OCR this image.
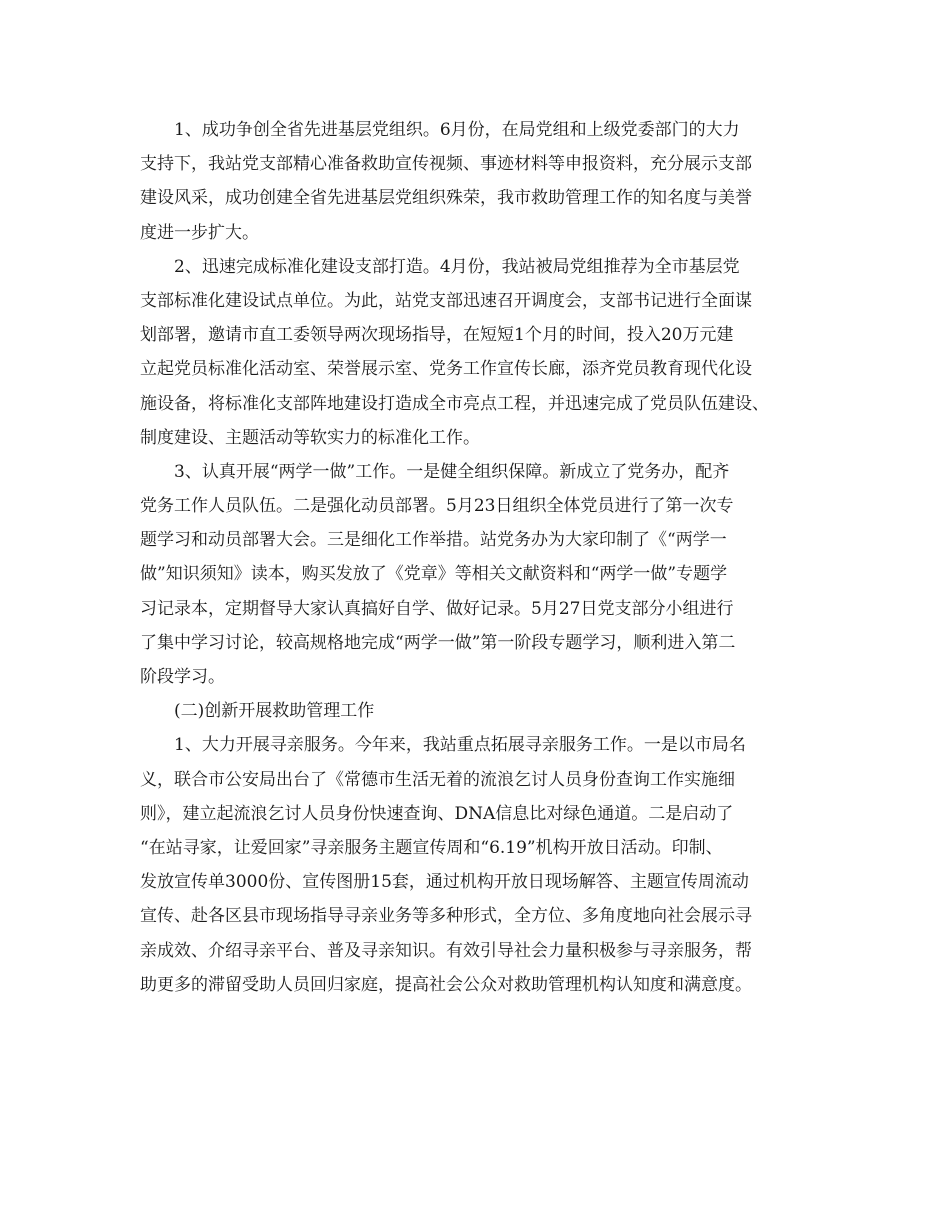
1、成功争创全省先进基层党组织。6月份，在局党组和上级党委部门的大力
支持下，我站党支部精心准备救助宣传视频、事迹材料等申报资料，充分展示支部
建设风采，成功创建全省先进基层党组织殊荣，我市救助管理工作的知名度与美誉
度进一步扩大。
2、迅速完成标准化建设支部打造。4月份，我站被局党组推荐为全市基层党
支部标准化建设试点单位。为此，站党支部迅速召开调度会，支部书记进行全面谋
划部署，邀请市直工委领导两次现场指导，在短短1个月的时间，投入20万元建
立起党员标准化活动室、荣誉展示室、党务工作宣传长廊，添齐党员教育现代化设
施设备，将标准化支部阵地建设打造成全市亮点工程，并迅速完成了党员队伍建设、
制度建设、主题活动等软实力的标准化工作。
3、认真开展“两学一做”工作。一是健全组织保障。新成立了党务办，配齐
党务工作人员队伍。二是强化动员部署。5月23日组织全体党员进行了第一次专
题学习和动员部署大会。三是细化工作举措。站党务办为大家印制了《“两学一
做”知识须知》读本，购买发放了《党章》等相关文献资料和“两学一做”专题学
习记录本，定期督导大家认真搞好自学、做好记录。5月27日党支部分小组进行
了集中学习讨论，较高规格地完成“两学一做”第一阶段专题学习，顺利进入第二
阶段学习。
(二)创新开展救助管理工作
1、大力开展寻亲服务。今年来，我站重点拓展寻亲服务工作。一是以市局名
义，联合市公安局出台了《常德市生活无着的流浪乞讨人员身份查询工作实施细
则》，建立起流浪乞讨人员身份快速查询、DNA信息比对绿色通道。二是启动了
“在站寻家，让爱回家”寻亲服务主题宣传周和“6.19”机构开放日活动。印制、
发放宣传单3000份、宣传图册15套，通过机构开放日现场解答、主题宣传周流动
宣传、赴各区县市现场指导寻亲业务等多种形式，全方位、多角度地向社会展示寻
亲成效、介绍寻亲平台、普及寻亲知识。有效引导社会力量积极参与寻亲服务，帮
助更多的滞留受助人员回归家庭，提高社会公众对救助管理机构认知度和满意度。
